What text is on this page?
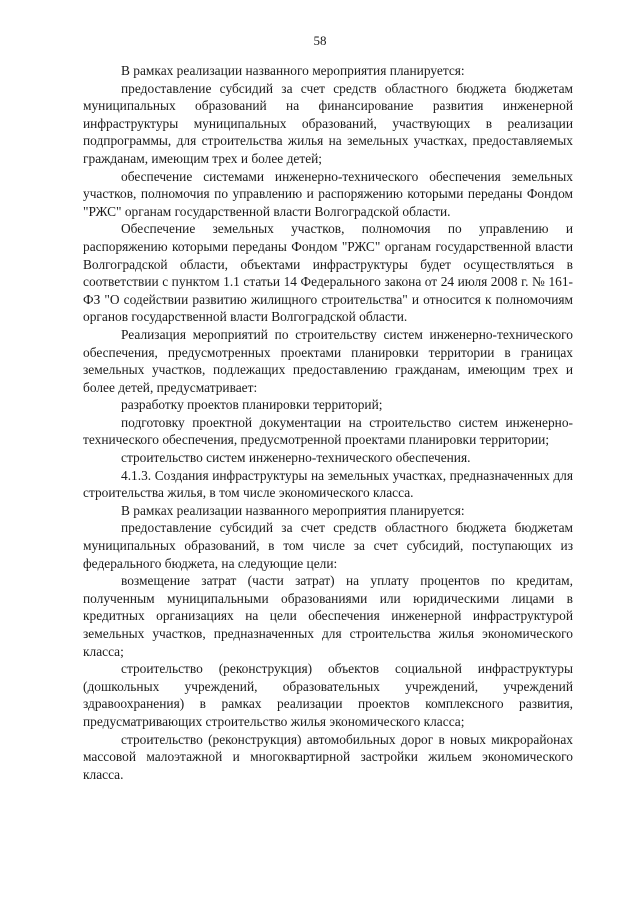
58

В рамках реализации названного мероприятия планируется:

предоставление субсидий за счет средств областного бюджета бюджетам муниципальных образований на финансирование развития инженерной инфраструктуры муниципальных образований, участвующих в реализации подпрограммы, для строительства жилья на земельных участках, предоставляемых гражданам, имеющим трех и более детей;

обеспечение системами инженерно-технического обеспечения земельных участков, полномочия по управлению и распоряжению которыми переданы Фондом "РЖС" органам государственной власти Волгоградской области.

Обеспечение земельных участков, полномочия по управлению и распоряжению которыми переданы Фондом "РЖС" органам государственной власти Волгоградской области, объектами инфраструктуры будет осуществляться в соответствии с пунктом 1.1 статьи 14 Федерального закона от 24 июля 2008 г. № 161-ФЗ "О содействии развитию жилищного строительства" и относится к полномочиям органов государственной власти Волгоградской области.

Реализация мероприятий по строительству систем инженерно-технического обеспечения, предусмотренных проектами планировки территории в границах земельных участков, подлежащих предоставлению гражданам, имеющим трех и более детей, предусматривает:

разработку проектов планировки территорий;

подготовку проектной документации на строительство систем инженерно-технического обеспечения, предусмотренной проектами планировки территории;

строительство систем инженерно-технического обеспечения.

4.1.3. Создания инфраструктуры на земельных участках, предназначенных для строительства жилья, в том числе экономического класса.

В рамках реализации названного мероприятия планируется:

предоставление субсидий за счет средств областного бюджета бюджетам муниципальных образований, в том числе за счет субсидий, поступающих из федерального бюджета, на следующие цели:

возмещение затрат (части затрат) на уплату процентов по кредитам, полученным муниципальными образованиями или юридическими лицами в кредитных организациях на цели обеспечения инженерной инфраструктурой земельных участков, предназначенных для строительства жилья экономического класса;

строительство (реконструкция) объектов социальной инфраструктуры (дошкольных учреждений, образовательных учреждений, учреждений здравоохранения) в рамках реализации проектов комплексного развития, предусматривающих строительство жилья экономического класса;

строительство (реконструкция) автомобильных дорог в новых микрорайонах массовой малоэтажной и многоквартирной застройки жильем экономического класса.
